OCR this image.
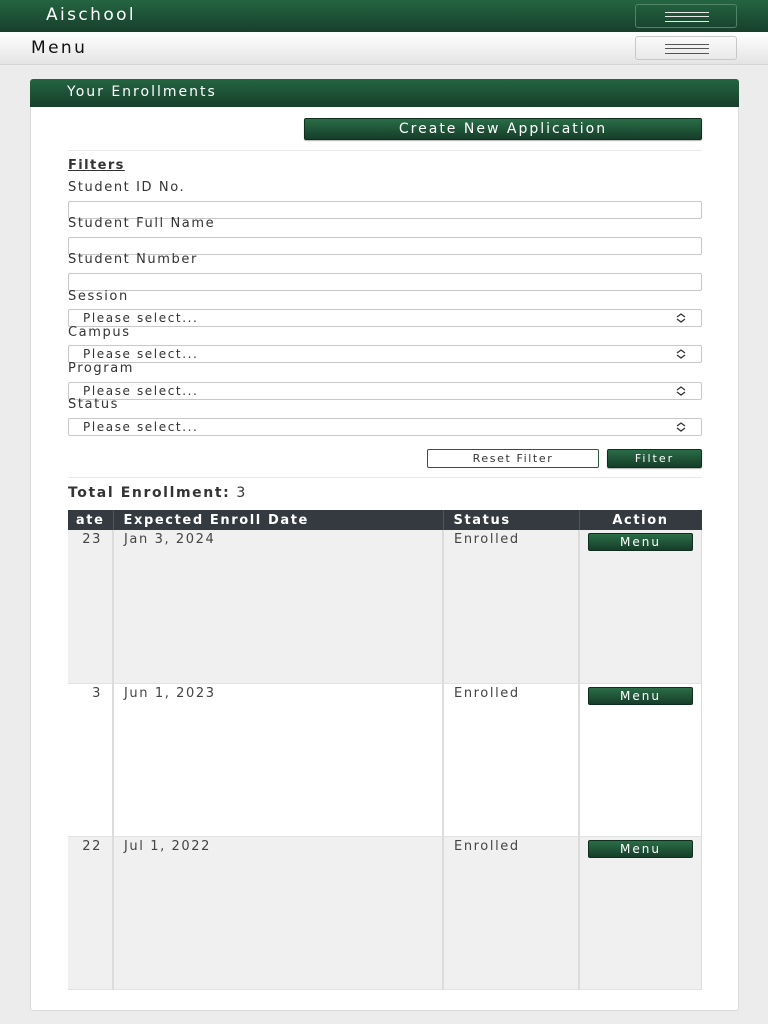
Aischool
Menu
Your Enrollments
Create New Application
Filters
Student ID No.
Student Full Name
Student Number
Session
Please select...
Campus
Please select...
Program
Please select...
Status
Please select...
Reset Filter	Filter
Total Enrollment: 3
ate	Expected Enroll Date	Status	Action
23	Jan 3, 2024	Enrolled	Menu
3	Jun 1, 2023	Enrolled	Menu
22	Jul 1, 2022	Enrolled	Menu
